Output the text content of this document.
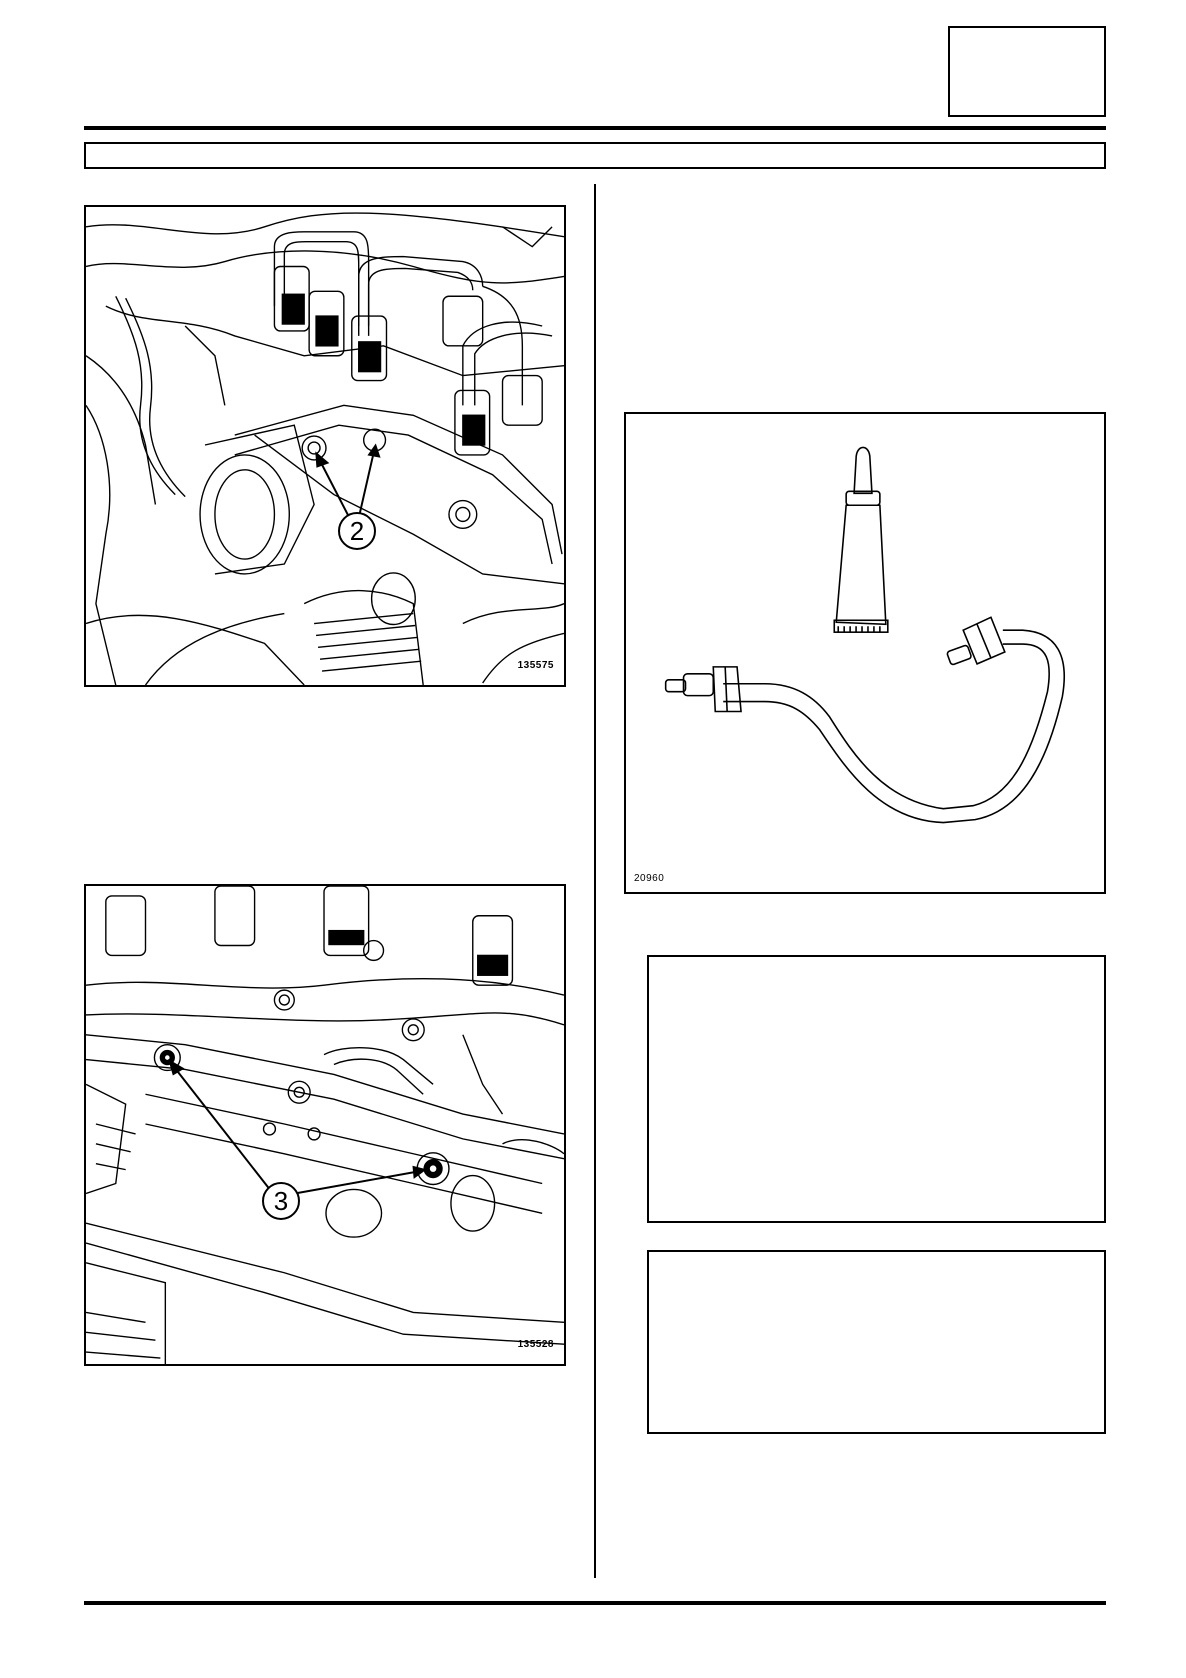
2
135575
3
135528
20960
